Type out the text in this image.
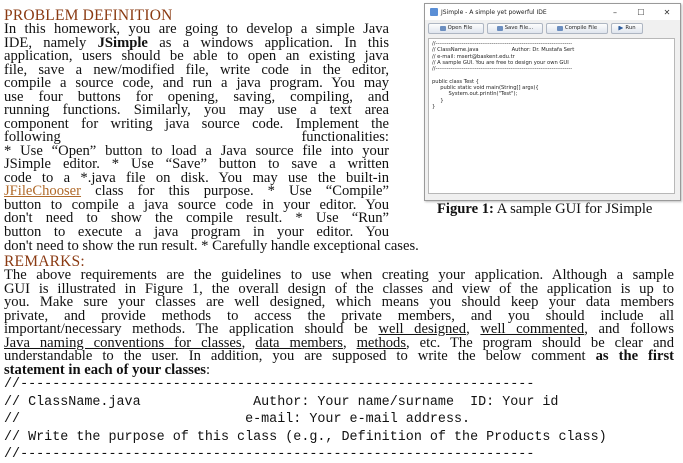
PROBLEM DEFINITION
In this homework, you are going to develop a simple Java
IDE, namely JSimple as a windows application. In this
application, users should be able to open an existing java
file, save a new/modified file, write code in the editor,
compile a source code, and run a java program. You may
use four buttons for opening, saving, compiling, and
running functions. Similarly, you may use a text area
component for writing java source code. Implement the
following functionalities:
* Use “Open” button to load a Java source file into your
JSimple editor. * Use “Save” button to save a written
code to a *.java file on disk. You may use the built-in
JFileChooser class for this purpose. * Use “Compile”
button to compile a java source code in your editor. You
don't need to show the compile result. * Use “Run”
button to execute a java program in your editor. You
don't need to show the run result. * Carefully handle exceptional cases.
REMARKS:
The above requirements are the guidelines to use when creating your application. Although a sample
GUI is illustrated in Figure 1, the overall design of the classes and view of the application is up to
you. Make sure your classes are well designed, which means you should keep your data members
private, and provide methods to access the private members, and you should include all
important/necessary methods. The application should be well designed, well commented, and follows
Java naming conventions for classes, data members, methods, etc. The program should be clear and
understandable to the user. In addition, you are supposed to write the below comment as the first
statement in each of your classes:
//----------------------------------------------------------------
// ClassName.java              Author: Your name/surname  ID: Your id
//                            e-mail: Your e-mail address.
// Write the purpose of this class (e.g., Definition of the Products class)
//----------------------------------------------------------------
JSimple - A simple yet powerful IDE	–	☐	✕
Open File	Save File...	Compile File	Run
//-------------------------------------------------------------------------
// ClassName.java                    Author: Dr. Mustafa Sert
// e-mail: msert@baskent.edu.tr
// A sample GUI. You are free to design your own GUI
//-------------------------------------------------------------------------

public class Test {
public static void main(String[] args){
System.out.println("Test");
}
}
Figure 1: A sample GUI for JSimple
